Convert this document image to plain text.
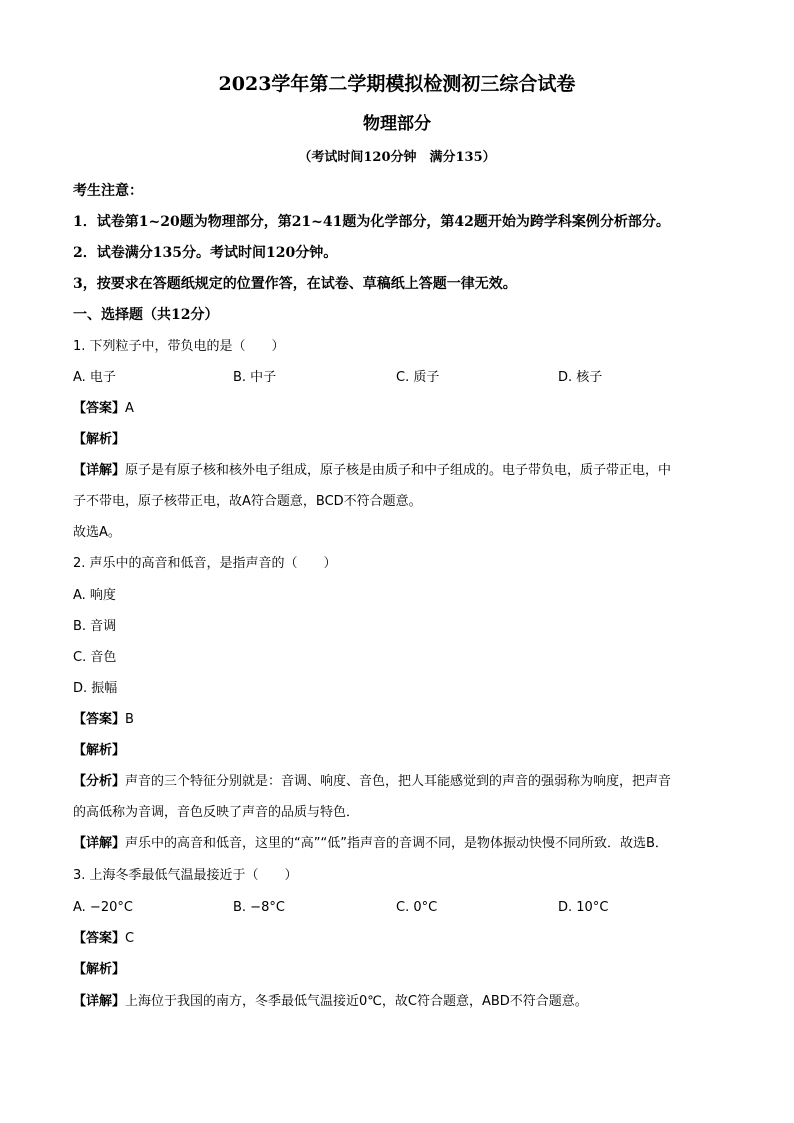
2023学年第二学期模拟检测初三综合试卷
物理部分
（考试时间120分钟　满分135）
考生注意：
1．试卷第1~20题为物理部分，第21~41题为化学部分，第42题开始为跨学科案例分析部分。
2．试卷满分135分。考试时间120分钟。
3，按要求在答题纸规定的位置作答，在试卷、草稿纸上答题一律无效。
一、选择题（共12分）
1. 下列粒子中，带负电的是（　　）
A. 电子	B. 中子	C. 质子	D. 核子
【答案】A
【解析】
【详解】原子是有原子核和核外电子组成，原子核是由质子和中子组成的。电子带负电，质子带正电，中
子不带电，原子核带正电，故A符合题意，BCD不符合题意。
故选A。
2. 声乐中的高音和低音，是指声音的（　　）
A. 响度
B. 音调
C. 音色
D. 振幅
【答案】B
【解析】
【分析】声音的三个特征分别就是：音调、响度、音色，把人耳能感觉到的声音的强弱称为响度，把声音
的高低称为音调，音色反映了声音的品质与特色．
【详解】声乐中的高音和低音，这里的“高”“低”指声音的音调不同，是物体振动快慢不同所致．故选B．
3. 上海冬季最低气温最接近于（　　）
A. −20°C	B. −8°C	C. 0°C	D. 10°C
【答案】C
【解析】
【详解】上海位于我国的南方，冬季最低气温接近0℃，故C符合题意，ABD不符合题意。
